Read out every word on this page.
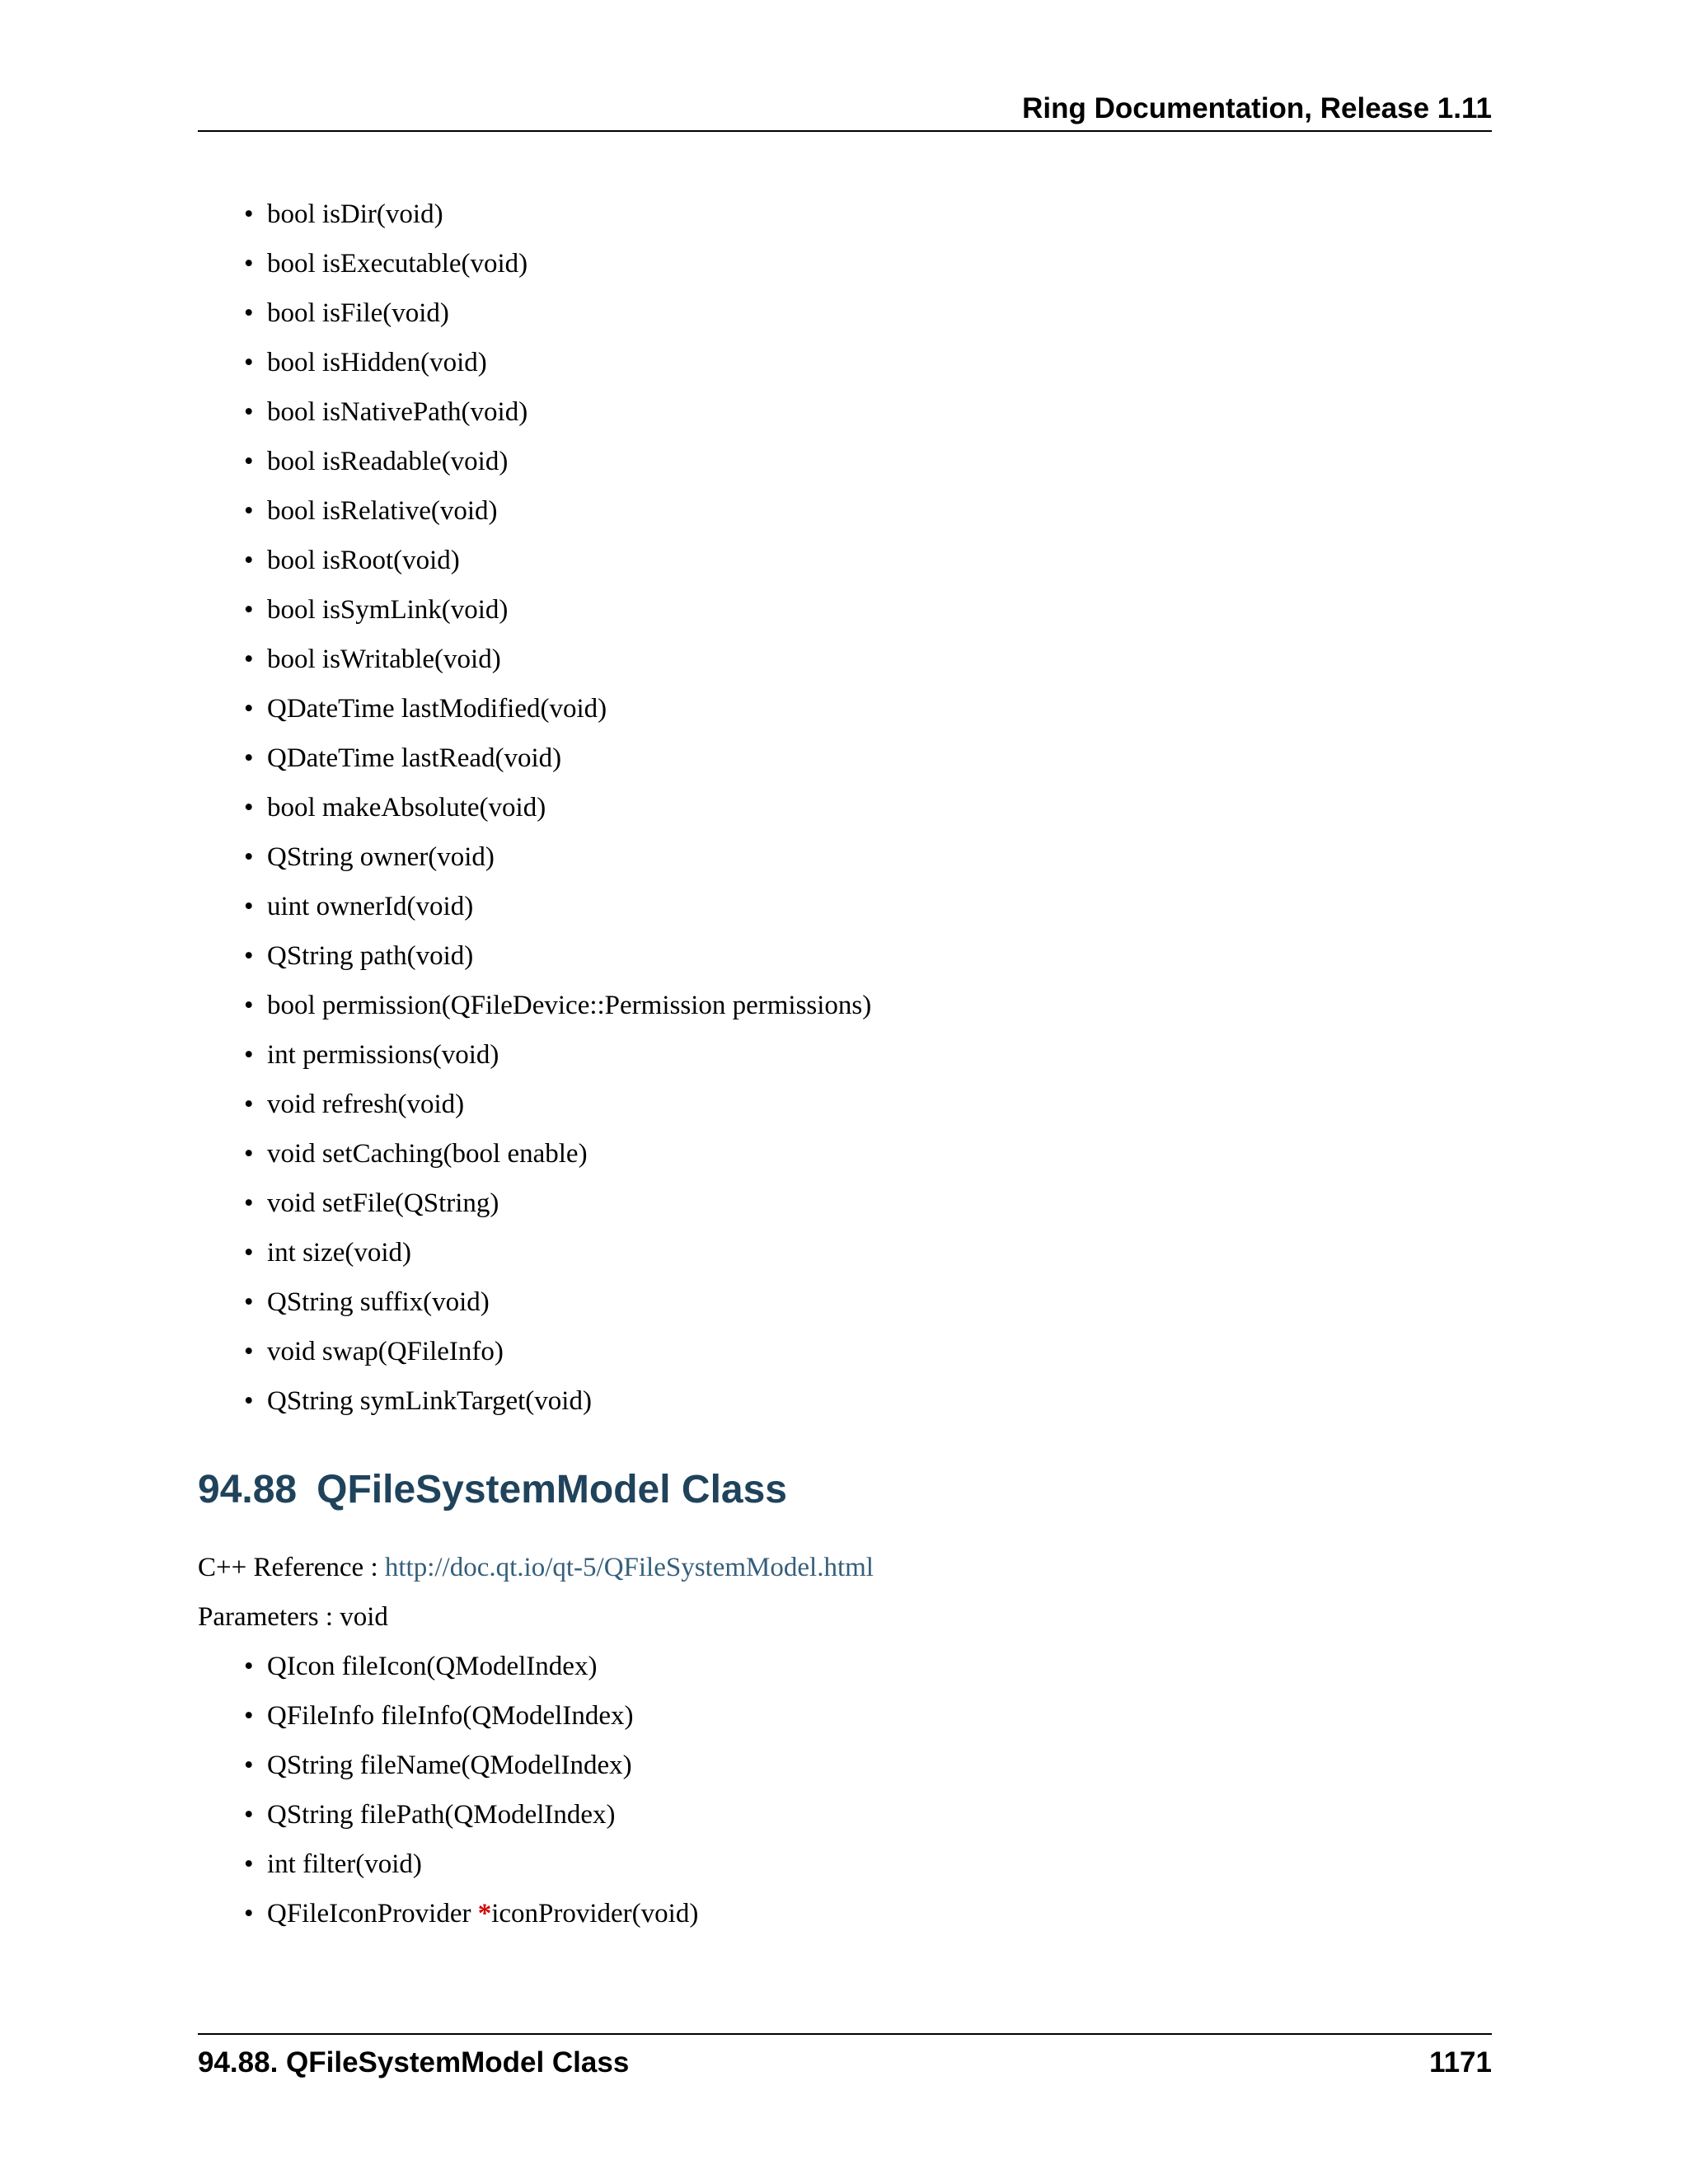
Ring Documentation, Release 1.11
• bool isDir(void)
• bool isExecutable(void)
• bool isFile(void)
• bool isHidden(void)
• bool isNativePath(void)
• bool isReadable(void)
• bool isRelative(void)
• bool isRoot(void)
• bool isSymLink(void)
• bool isWritable(void)
• QDateTime lastModified(void)
• QDateTime lastRead(void)
• bool makeAbsolute(void)
• QString owner(void)
• uint ownerId(void)
• QString path(void)
• bool permission(QFileDevice::Permission permissions)
• int permissions(void)
• void refresh(void)
• void setCaching(bool enable)
• void setFile(QString)
• int size(void)
• QString suffix(void)
• void swap(QFileInfo)
• QString symLinkTarget(void)
94.88 QFileSystemModel Class
C++ Reference : http://doc.qt.io/qt-5/QFileSystemModel.html
Parameters : void
• QIcon fileIcon(QModelIndex)
• QFileInfo fileInfo(QModelIndex)
• QString fileName(QModelIndex)
• QString filePath(QModelIndex)
• int filter(void)
• QFileIconProvider *iconProvider(void)
94.88. QFileSystemModel Class	1171
